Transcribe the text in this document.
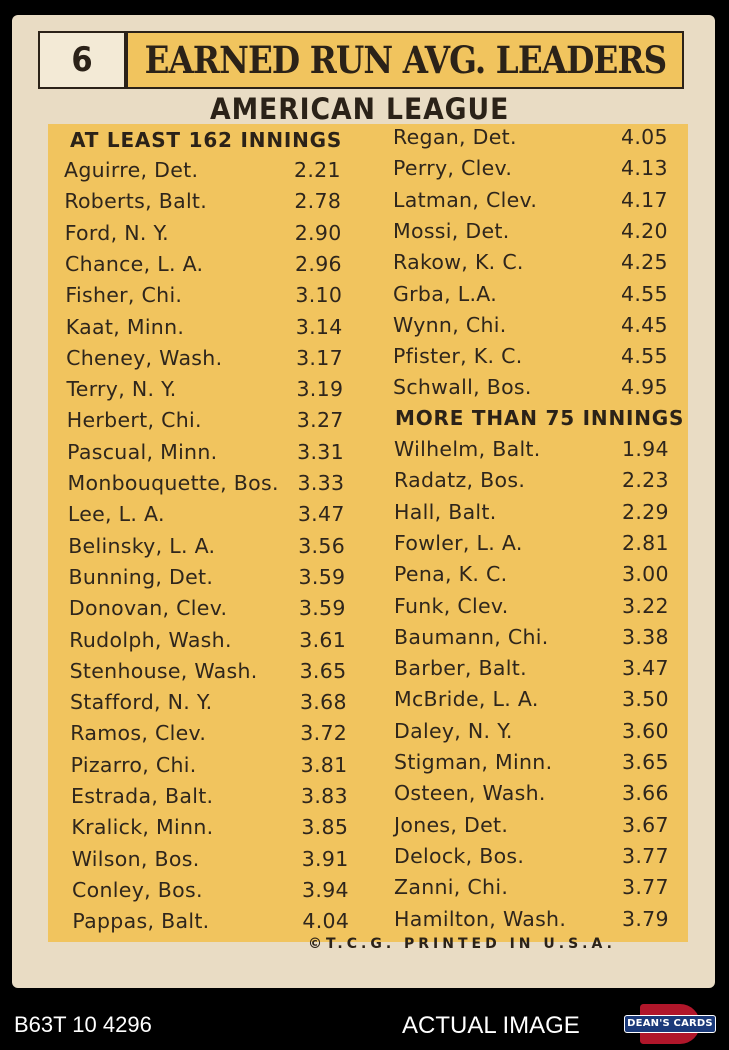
6	EARNED RUN AVG. LEADERS
AMERICAN LEAGUE
AT LEAST 162 INNINGS
Aguirre, Det.	2.21
Roberts, Balt.	2.78
Ford, N. Y.	2.90
Chance, L. A.	2.96
Fisher, Chi.	3.10
Kaat, Minn.	3.14
Cheney, Wash.	3.17
Terry, N. Y.	3.19
Herbert, Chi.	3.27
Pascual, Minn.	3.31
Monbouquette, Bos. 3.33
Lee, L. A.	3.47
Belinsky, L. A.	3.56
Bunning, Det.	3.59
Donovan, Clev.	3.59
Rudolph, Wash.	3.61
Stenhouse, Wash. 3.65
Stafford, N. Y.	3.68
Ramos, Clev.	3.72
Pizarro, Chi.	3.81
Estrada, Balt.	3.83
Kralick, Minn.	3.85
Wilson, Bos.	3.91
Conley, Bos.	3.94
Pappas, Balt.	4.04
Regan, Det.	4.05
Perry, Clev.	4.13
Latman, Clev.	4.17
Mossi, Det.	4.20
Rakow, K. C.	4.25
Grba, L.A.	4.55
Wynn, Chi.	4.45
Pfister, K. C.	4.55
Schwall, Bos.	4.95
MORE THAN 75 INNINGS
Wilhelm, Balt.	1.94
Radatz, Bos.	2.23
Hall, Balt.	2.29
Fowler, L. A.	2.81
Pena, K. C.	3.00
Funk, Clev.	3.22
Baumann, Chi.	3.38
Barber, Balt.	3.47
McBride, L. A.	3.50
Daley, N. Y.	3.60
Stigman, Minn.	3.65
Osteen, Wash.	3.66
Jones, Det.	3.67
Delock, Bos.	3.77
Zanni, Chi.	3.77
Hamilton, Wash.	3.79
©T.C.G. PRINTED IN U.S.A.
B63T 10 4296	ACTUAL IMAGE	DEAN'S CARDS
